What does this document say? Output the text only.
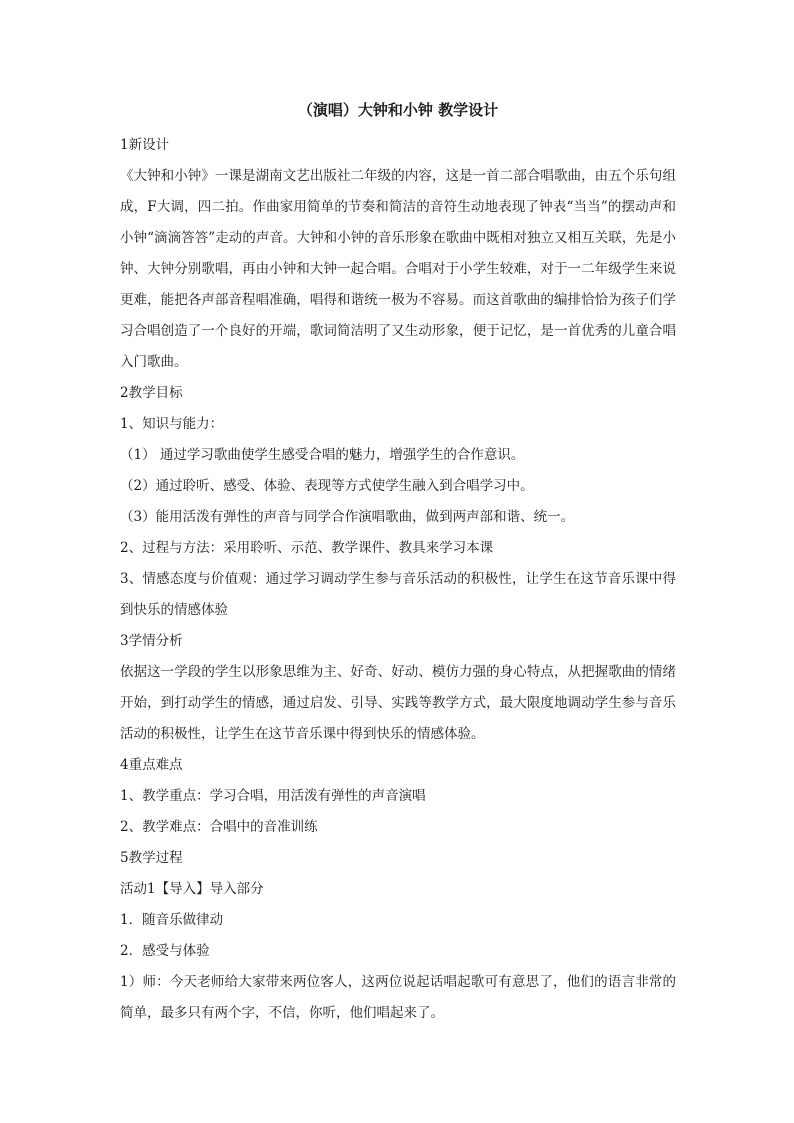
（演唱）大钟和小钟 教学设计
1新设计
《大钟和小钟》一课是湖南文艺出版社二年级的内容，这是一首二部合唱歌曲，由五个乐句组成，F大调，四二拍。作曲家用简单的节奏和简洁的音符生动地表现了钟表“当当”的摆动声和小钟“滴滴答答”走动的声音。大钟和小钟的音乐形象在歌曲中既相对独立又相互关联，先是小钟、大钟分别歌唱，再由小钟和大钟一起合唱。合唱对于小学生较难，对于一二年级学生来说更难，能把各声部音程唱准确，唱得和谐统一极为不容易。而这首歌曲的编排恰恰为孩子们学习合唱创造了一个良好的开端，歌词简洁明了又生动形象，便于记忆，是一首优秀的儿童合唱入门歌曲。
2教学目标
1、知识与能力：
（1） 通过学习歌曲使学生感受合唱的魅力，增强学生的合作意识。
（2）通过聆听、感受、体验、表现等方式使学生融入到合唱学习中。
（3）能用活泼有弹性的声音与同学合作演唱歌曲，做到两声部和谐、统一。
2、过程与方法：采用聆听、示范、教学课件、教具来学习本课
3、情感态度与价值观：通过学习调动学生参与音乐活动的积极性，让学生在这节音乐课中得到快乐的情感体验
3学情分析
依据这一学段的学生以形象思维为主、好奇、好动、模仿力强的身心特点，从把握歌曲的情绪开始，到打动学生的情感，通过启发、引导、实践等教学方式，最大限度地调动学生参与音乐活动的积极性，让学生在这节音乐课中得到快乐的情感体验。
4重点难点
1、教学重点：学习合唱，用活泼有弹性的声音演唱
2、教学难点：合唱中的音准训练
5教学过程
活动1【导入】导入部分
1．随音乐做律动
2．感受与体验
1）师：今天老师给大家带来两位客人，这两位说起话唱起歌可有意思了，他们的语言非常的简单，最多只有两个字，不信，你听，他们唱起来了。
